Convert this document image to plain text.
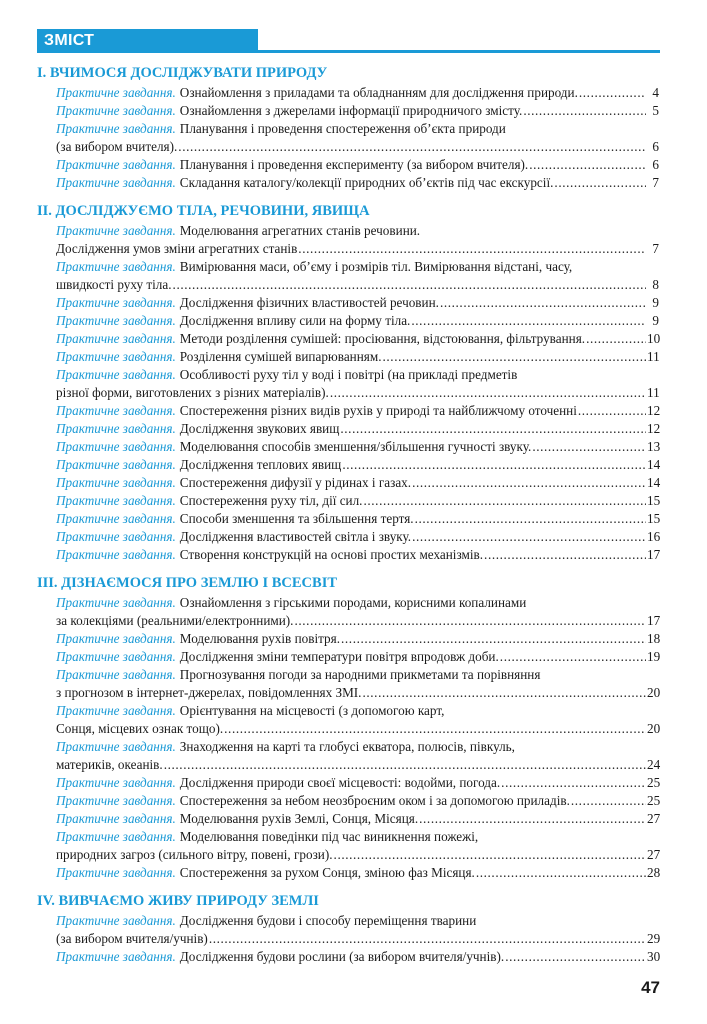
ЗМІСТ
І. ВЧИМОСЯ ДОСЛІДЖУВАТИ ПРИРОДУ
Практичне завдання. Ознайомлення з приладами та обладнанням для дослідження природи. .....	4
Практичне завдання. Ознайомлення з джерелами інформації природничого змісту. .....	5
Практичне завдання. Планування і проведення спостереження об’єкта природи
(за вибором вчителя). .....	6
Практичне завдання. Планування і проведення експерименту (за вибором вчителя). .....	6
Практичне завдання. Складання каталогу/колекції природних об’єктів під час екскурсії. .....	7
ІІ. ДОСЛІДЖУЄМО ТІЛА, РЕЧОВИНИ, ЯВИЩА
Практичне завдання. Моделювання агрегатних станів речовини.
Дослідження умов зміни агрегатних станів .....	7
Практичне завдання. Вимірювання маси, об’єму і розмірів тіл. Вимірювання відстані, часу,
швидкості руху тіла. .....	8
Практичне завдання. Дослідження фізичних властивостей речовин. .....	9
Практичне завдання. Дослідження впливу сили на форму тіла. .....	9
Практичне завдання. Методи розділення сумішей: просіювання, відстоювання, фільтрування. .....	10
Практичне завдання. Розділення сумішей випарюванням. .....	11
Практичне завдання. Особливості руху тіл у воді і повітрі (на прикладі предметів
різної форми, виготовлених з різних матеріалів). .....	11
Практичне завдання. Спостереження різних видів рухів у природі та найближчому оточенні .....	12
Практичне завдання. Дослідження звукових явищ .....	12
Практичне завдання. Моделювання способів зменшення/збільшення гучності звуку. .....	13
Практичне завдання. Дослідження теплових явищ .....	14
Практичне завдання. Спостереження дифузії у рідинах і газах. .....	14
Практичне завдання. Спостереження руху тіл, дії сил. .....	15
Практичне завдання. Способи зменшення та збільшення тертя. .....	15
Практичне завдання. Дослідження властивостей світла і звуку. .....	16
Практичне завдання. Створення конструкцій на основі простих механізмів. .....	17
ІІІ. ДІЗНАЄМОСЯ ПРО ЗЕМЛЮ І ВСЕСВІТ
Практичне завдання. Ознайомлення з гірськими породами, корисними копалинами
за колекціями (реальними/електронними). .....	17
Практичне завдання. Моделювання рухів повітря. .....	18
Практичне завдання. Дослідження зміни температури повітря впродовж доби. .....	19
Практичне завдання. Прогнозування погоди за народними прикметами та порівняння
з прогнозом в інтернет-джерелах, повідомленнях ЗМІ. .....	20
Практичне завдання. Орієнтування на місцевості (з допомогою карт,
Сонця, місцевих ознак тощо). .....	20
Практичне завдання. Знаходження на карті та глобусі екватора, полюсів, півкуль,
материків, океанів. .....	24
Практичне завдання. Дослідження природи своєї місцевості: водойми, погода. .....	25
Практичне завдання. Спостереження за небом неозброєним оком і за допомогою приладів. .....	25
Практичне завдання. Моделювання рухів Землі, Сонця, Місяця. .....	27
Практичне завдання. Моделювання поведінки під час виникнення пожежі,
природних загроз (сильного вітру, повені, грози). .....	27
Практичне завдання. Спостереження за рухом Сонця, зміною фаз Місяця. .....	28
ІV. ВИВЧАЄМО ЖИВУ ПРИРОДУ ЗЕМЛІ
Практичне завдання. Дослідження будови і способу переміщення тварини
(за вибором вчителя/учнів) .....	29
Практичне завдання. Дослідження будови рослини (за вибором вчителя/учнів). .....	30
47
